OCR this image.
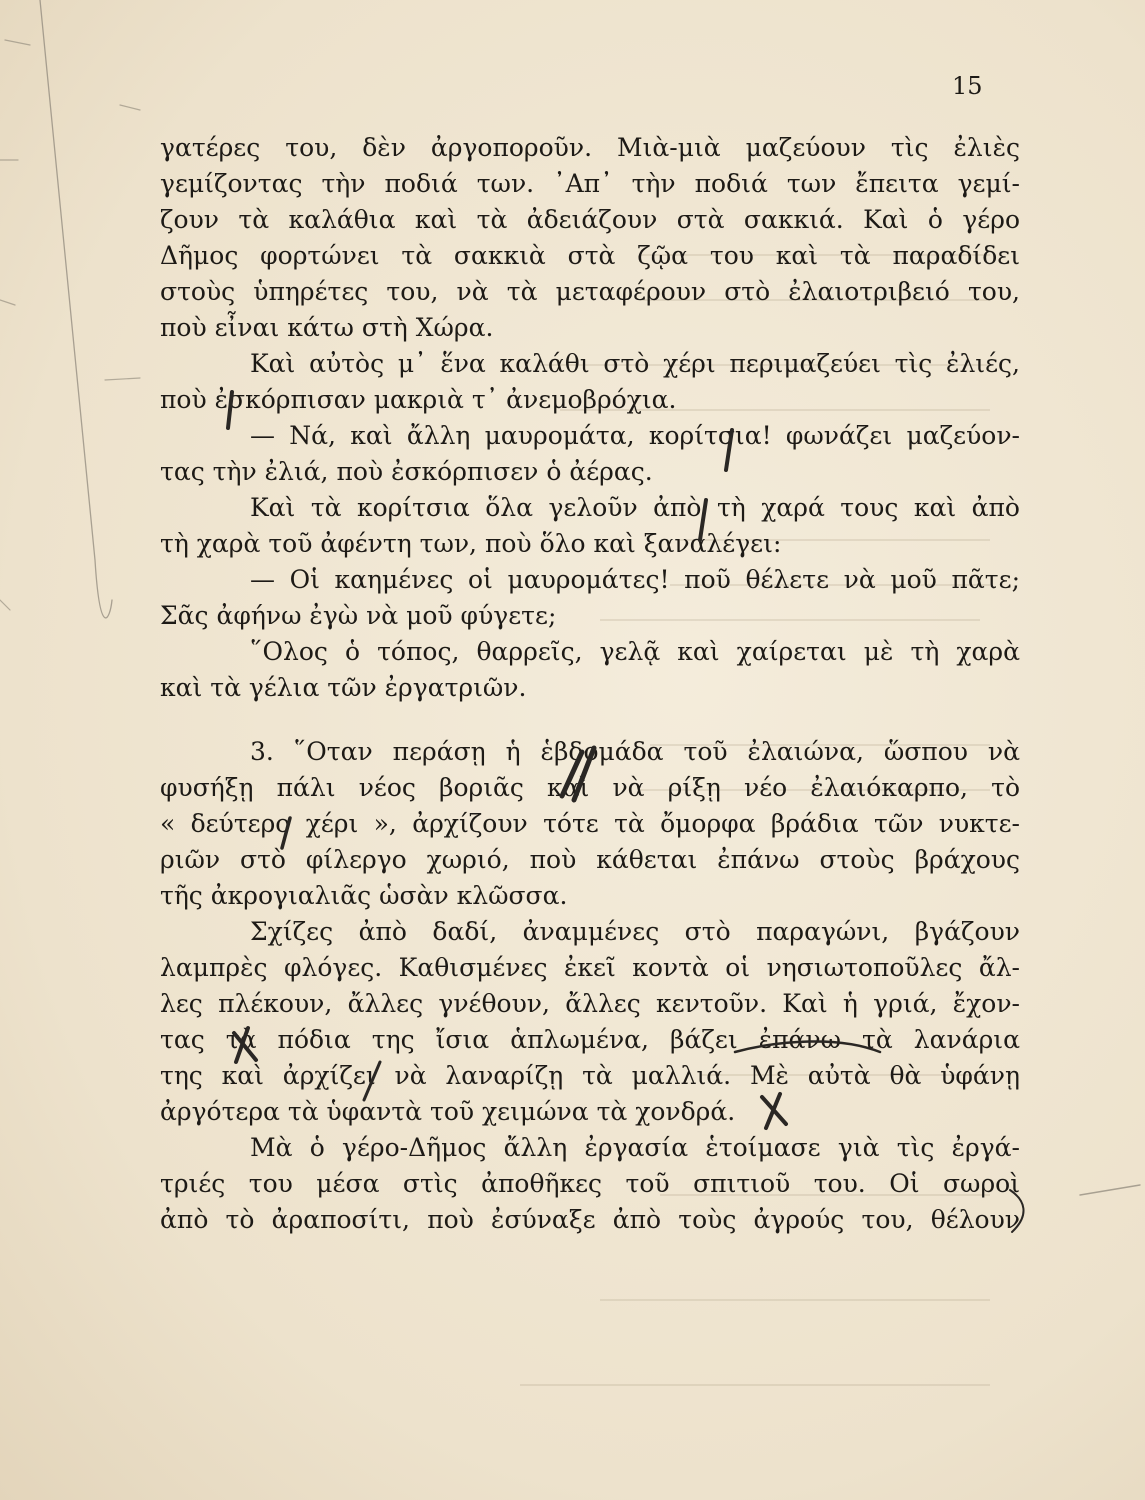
15
γατέρες του, δὲν ἀργοποροῦν. Μιὰ-μιὰ μαζεύουν τὶς ἐλιὲς
γεμίζοντας τὴν ποδιά των. ᾿Απ᾿ τὴν ποδιά των ἔπειτα γεμί-
ζουν τὰ καλάθια καὶ τὰ ἀδειάζουν στὰ σακκιά. Καὶ ὁ γέρο
Δῆμος φορτώνει τὰ σακκιὰ στὰ ζῷα του καὶ τὰ παραδίδει
στοὺς ὑπηρέτες του, νὰ τὰ μεταφέρουν στὸ ἐλαιοτριβειό του,
ποὺ εἶναι κάτω στὴ Χώρα.
Καὶ αὐτὸς μ᾿ ἕνα καλάθι στὸ χέρι περιμαζεύει τὶς ἐλιές,
ποὺ ἐσκόρπισαν μακριὰ τ᾿ ἀνεμοβρόχια.
— Νά, καὶ ἄλλη μαυρομάτα, κορίτσια! φωνάζει μαζεύον-
τας τὴν ἐλιά, ποὺ ἐσκόρπισεν ὁ ἀέρας.
Καὶ τὰ κορίτσια ὅλα γελοῦν ἀπὸ τὴ χαρά τους καὶ ἀπὸ
τὴ χαρὰ τοῦ ἀφέντη των, ποὺ ὅλο καὶ ξαναλέγει:
— Οἱ καημένες οἱ μαυρομάτες! ποῦ θέλετε νὰ μοῦ πᾶτε;
Σᾶς ἀφήνω ἐγὼ νὰ μοῦ φύγετε;
῞Ολος ὁ τόπος, θαρρεῖς, γελᾷ καὶ χαίρεται μὲ τὴ χαρὰ
καὶ τὰ γέλια τῶν ἐργατριῶν.
3. ῞Οταν περάσῃ ἡ ἑβδομάδα τοῦ ἐλαιώνα, ὥσπου νὰ
φυσήξῃ πάλι νέος βοριᾶς καὶ νὰ ρίξῃ νέο ἐλαιόκαρπο, τὸ
« δεύτερο χέρι », ἀρχίζουν τότε τὰ ὄμορφα βράδια τῶν νυκτε-
ριῶν στὸ φίλεργο χωριό, ποὺ κάθεται ἐπάνω στοὺς βράχους
τῆς ἀκρογιαλιᾶς ὡσὰν κλῶσσα.
Σχίζες ἀπὸ δαδί, ἀναμμένες στὸ παραγώνι, βγάζουν
λαμπρὲς φλόγες. Καθισμένες ἐκεῖ κοντὰ οἱ νησιωτοποῦλες ἄλ-
λες πλέκουν, ἄλλες γνέθουν, ἄλλες κεντοῦν. Καὶ ἡ γριά, ἔχον-
τας τὰ πόδια της ἴσια ἁπλωμένα, βάζει ἐπάνω τὰ λανάρια
της καὶ ἀρχίζει νὰ λαναρίζῃ τὰ μαλλιά. Μὲ αὐτὰ θὰ ὑφάνῃ
ἀργότερα τὰ ὑφαντὰ τοῦ χειμώνα τὰ χονδρά.
Μὰ ὁ γέρο-Δῆμος ἄλλη ἐργασία ἑτοίμασε γιὰ τὶς ἐργά-
τριές του μέσα στὶς ἀποθῆκες τοῦ σπιτιοῦ του. Οἱ σωροὶ
ἀπὸ τὸ ἀραποσίτι, ποὺ ἐσύναξε ἀπὸ τοὺς ἀγρούς του, θέλουν
